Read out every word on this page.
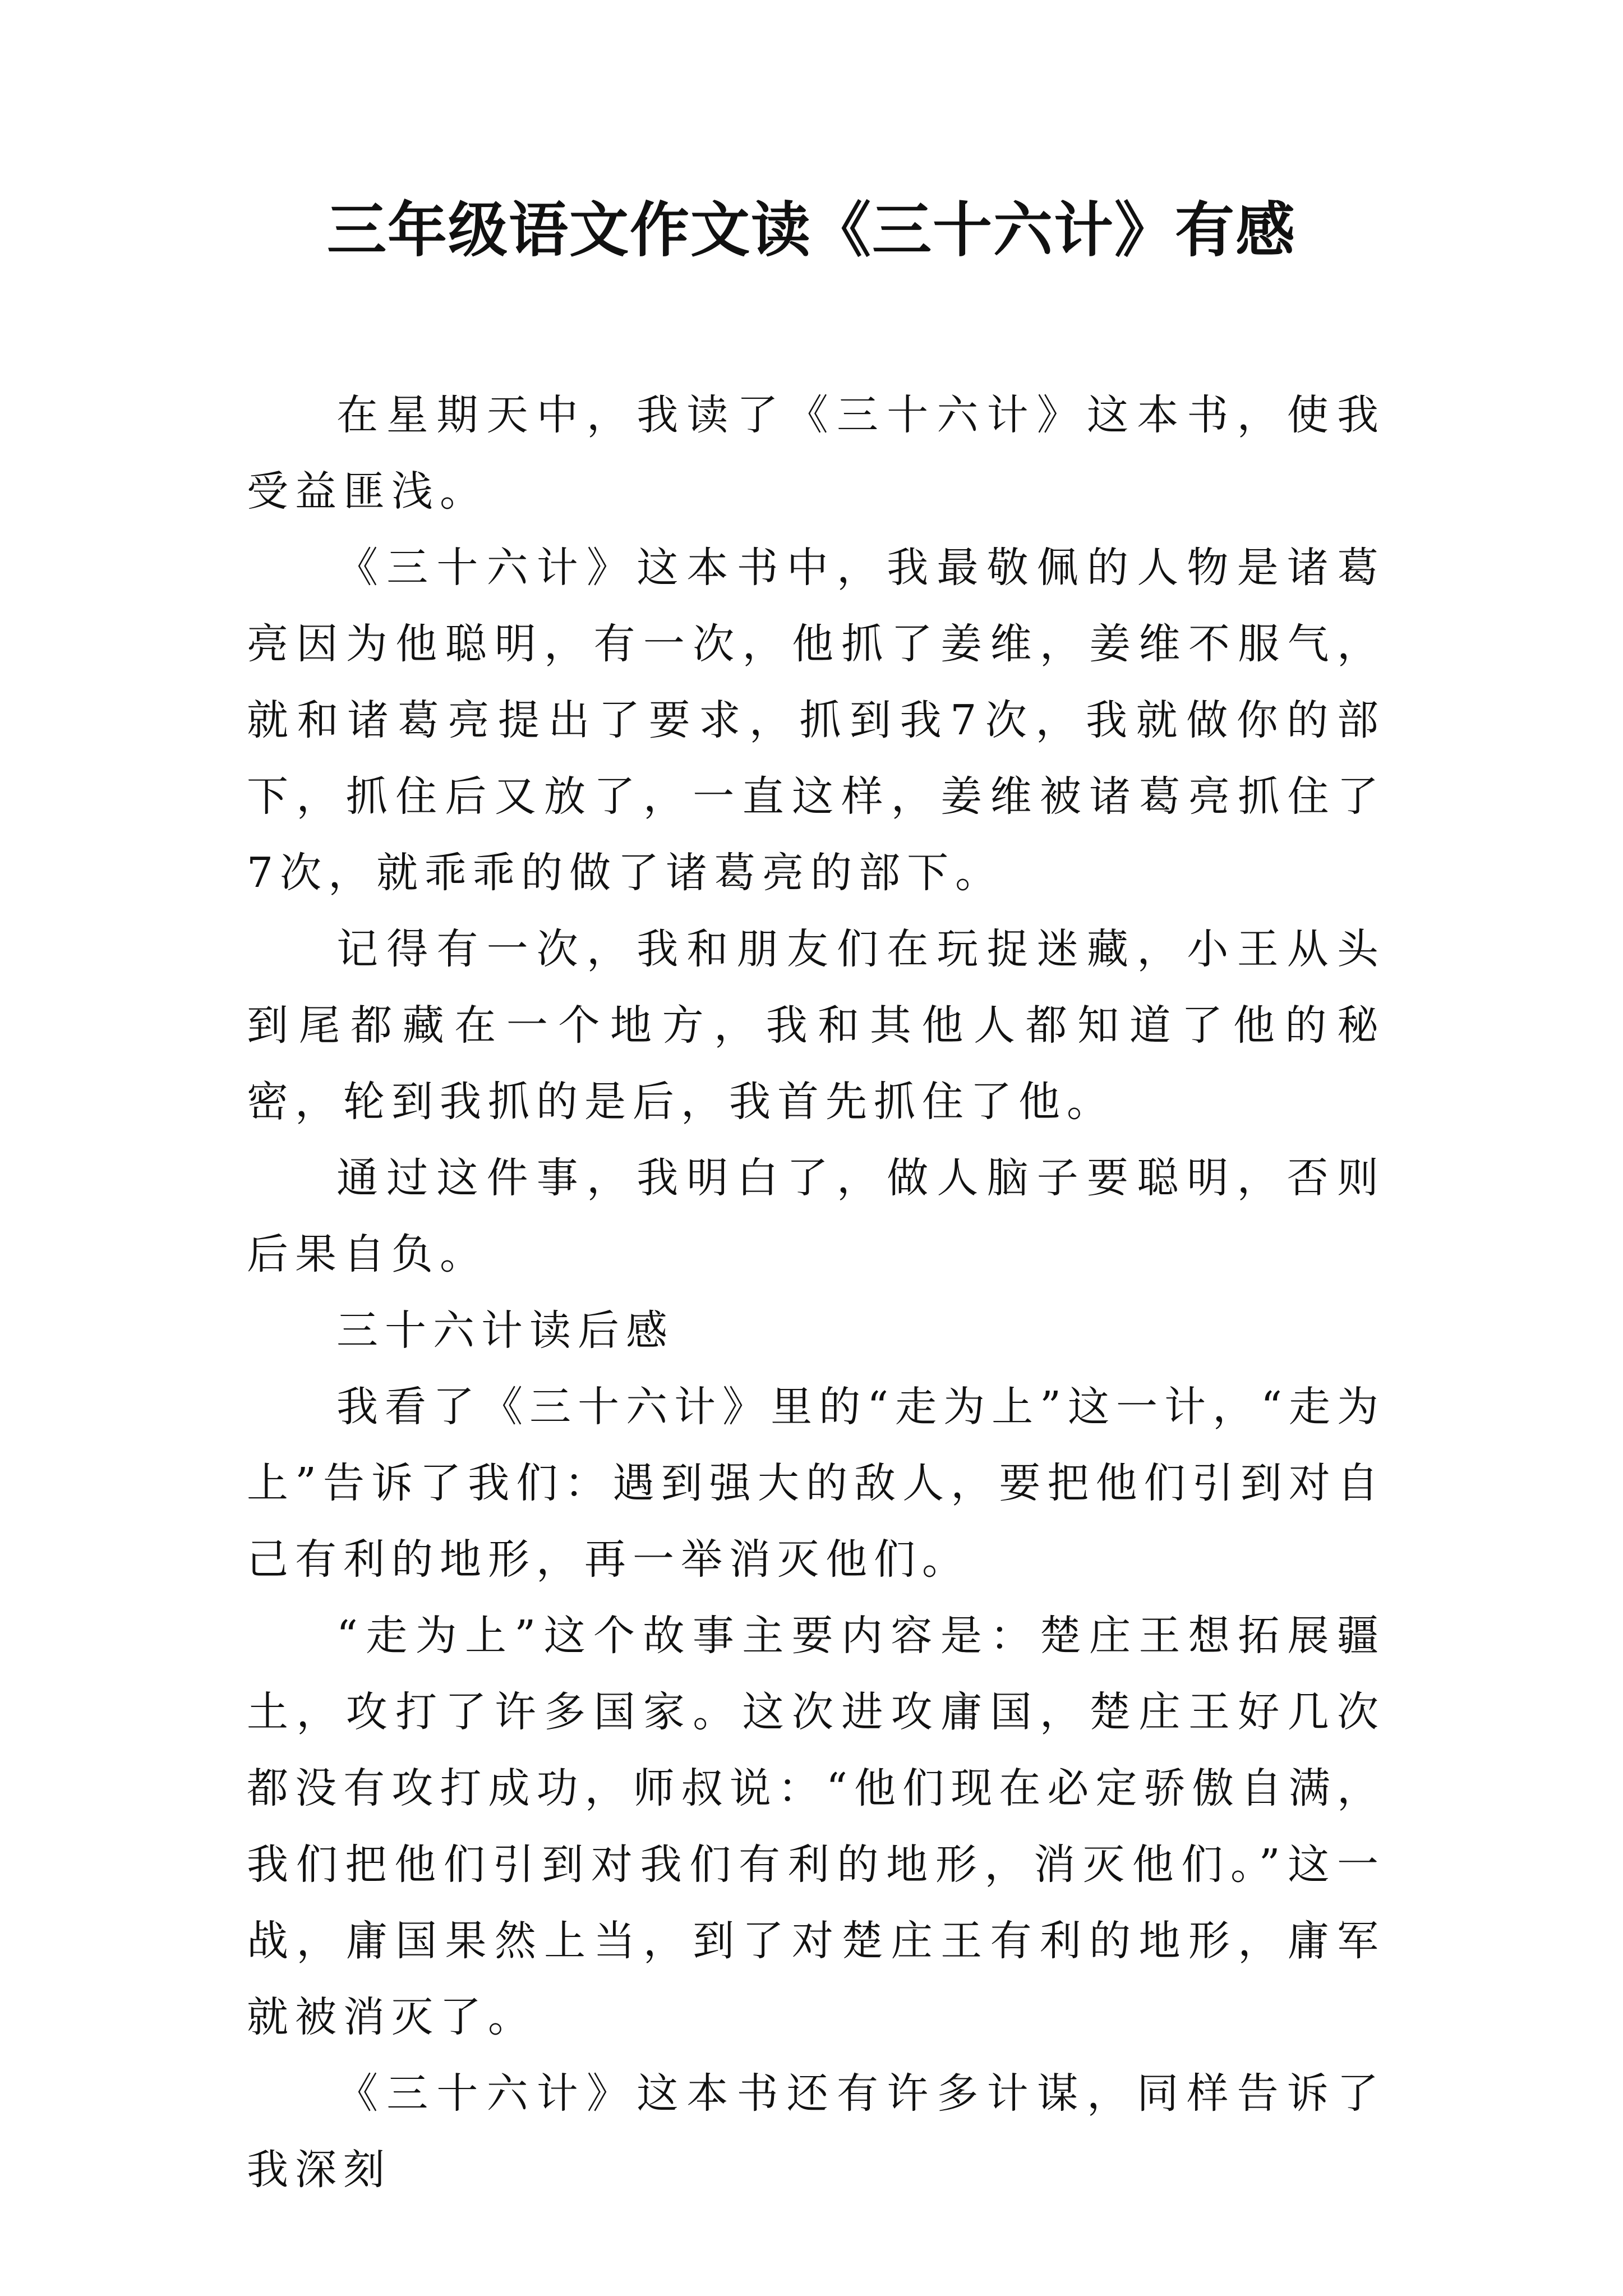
三年级语文作文读《三十六计》有感

在星期天中，我读了《三十六计》这本书，使我受益匪浅。

《三十六计》这本书中，我最敬佩的人物是诸葛亮因为他聪明，有一次，他抓了姜维，姜维不服气，就和诸葛亮提出了要求，抓到我7次，我就做你的部下，抓住后又放了，一直这样，姜维被诸葛亮抓住了7次，就乖乖的做了诸葛亮的部下。

记得有一次，我和朋友们在玩捉迷藏，小王从头到尾都藏在一个地方，我和其他人都知道了他的秘密，轮到我抓的是后，我首先抓住了他。

通过这件事，我明白了，做人脑子要聪明，否则后果自负。

三十六计读后感

我看了《三十六计》里的“走为上”这一计，“走为上”告诉了我们：遇到强大的敌人，要把他们引到对自己有利的地形，再一举消灭他们。

“走为上”这个故事主要内容是：楚庄王想拓展疆土，攻打了许多国家。这次进攻庸国，楚庄王好几次都没有攻打成功，师叔说：“他们现在必定骄傲自满，我们把他们引到对我们有利的地形，消灭他们。”这一战，庸国果然上当，到了对楚庄王有利的地形，庸军就被消灭了。

《三十六计》这本书还有许多计谋，同样告诉了我深刻
